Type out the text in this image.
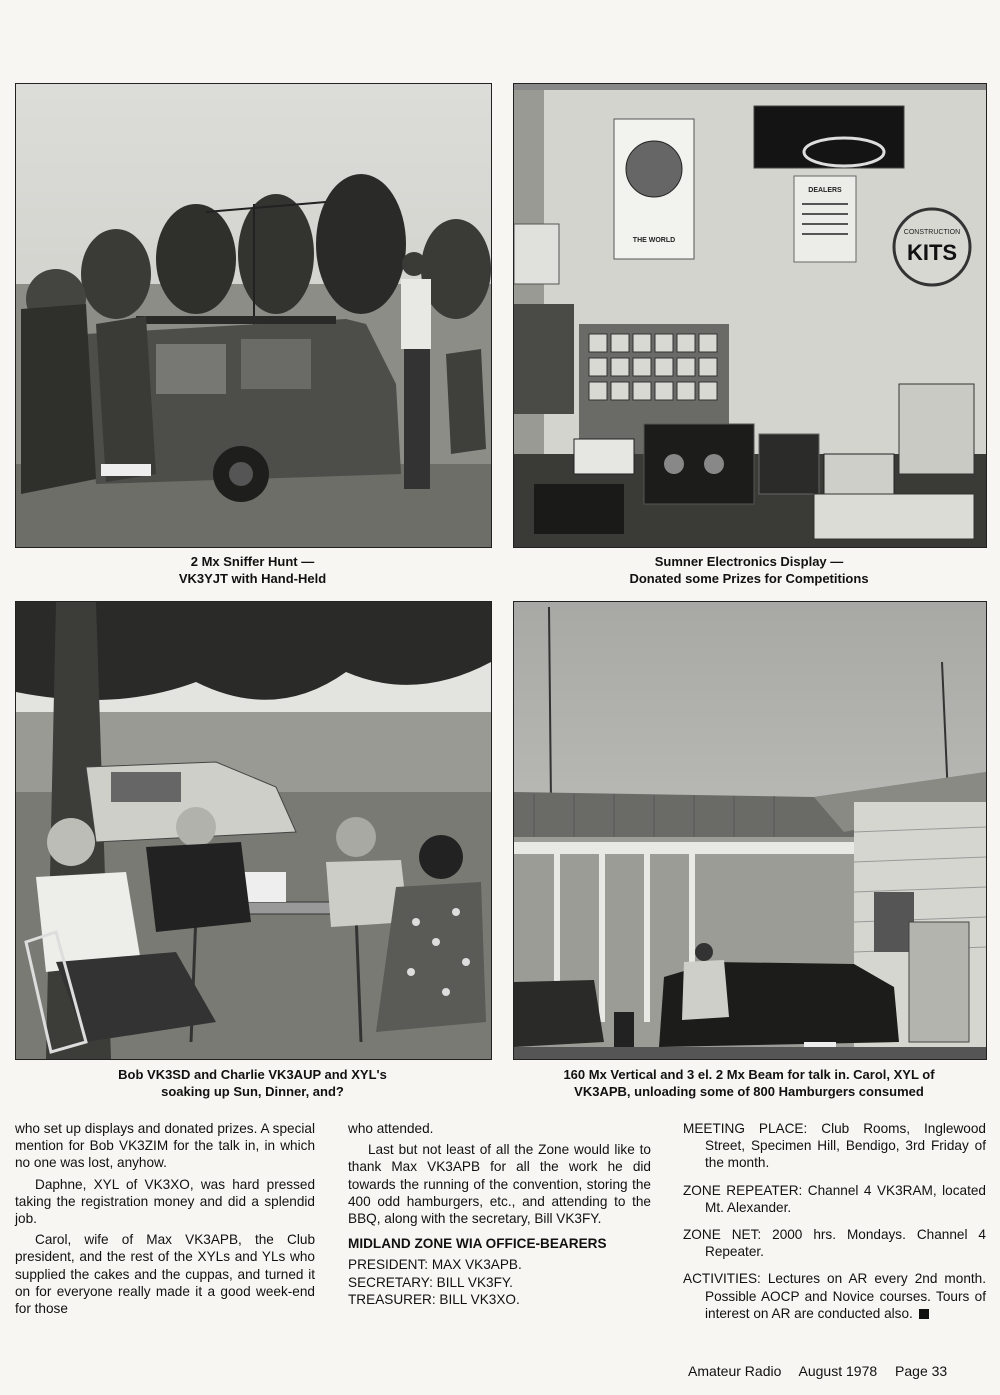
2 Mx Sniffer Hunt —
VK3YJT with Hand-Held
THE WORLD
DEALERS
CONSTRUCTION
KITS
Sumner Electronics Display —
Donated some Prizes for Competitions
Bob VK3SD and Charlie VK3AUP and XYL's
soaking up Sun, Dinner, and?
160 Mx Vertical and 3 el. 2 Mx Beam for talk in. Carol, XYL of
VK3APB, unloading some of 800 Hamburgers consumed

who set up displays and donated prizes. A special mention for Bob VK3ZIM for the talk in, in which no one was lost, anyhow.

Daphne, XYL of VK3XO, was hard pressed taking the registration money and did a splendid job.

Carol, wife of Max VK3APB, the Club president, and the rest of the XYLs and YLs who supplied the cakes and the cuppas, and turned it on for everyone really made it a good week-end for those

who attended.

Last but not least of all the Zone would like to thank Max VK3APB for all the work he did towards the running of the convention, storing the 400 odd hamburgers, etc., and attending to the BBQ, along with the secretary, Bill VK3FY.

MIDLAND ZONE WIA OFFICE-BEARERS

PRESIDENT: MAX VK3APB.

SECRETARY: BILL VK3FY.

TREASURER: BILL VK3XO.

MEETING PLACE: Club Rooms, Inglewood Street, Specimen Hill, Bendigo, 3rd Friday of the month.

ZONE REPEATER: Channel 4 VK3RAM, located Mt. Alexander.

ZONE NET: 2000 hrs. Mondays. Channel 4 Repeater.

ACTIVITIES: Lectures on AR every 2nd month. Possible AOCP and Novice courses. Tours of interest on AR are conducted also.

Amateur Radio August 1978 Page 33
